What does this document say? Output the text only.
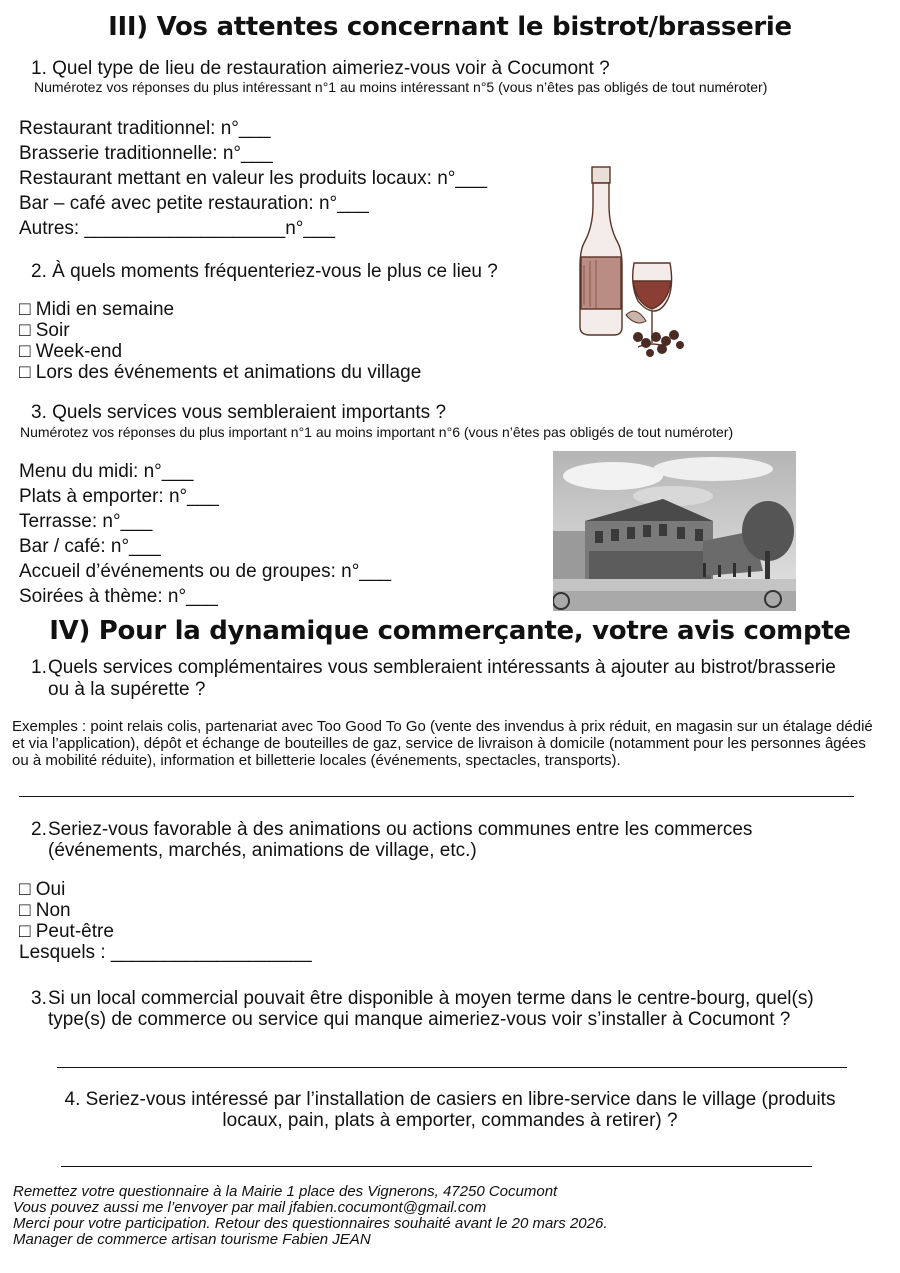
III) Vos attentes concernant le bistrot/brasserie
1. Quel type de lieu de restauration aimeriez-vous voir à Cocumont ?
Numérotez vos réponses du plus intéressant n°1 au moins intéressant n°5 (vous n’êtes pas obligés de tout numéroter)
Restaurant traditionnel: n°___
Brasserie traditionnelle: n°___
Restaurant mettant en valeur les produits locaux: n°___
Bar – café avec petite restauration: n°___
Autres: ___________________n°___
2. À quels moments fréquenteriez-vous le plus ce lieu ?
□ Midi en semaine
□ Soir
□ Week-end
□ Lors des événements et animations du village
3. Quels services vous sembleraient importants ?
Numérotez vos réponses du plus important n°1 au moins important n°6 (vous n’êtes pas obligés de tout numéroter)
Menu du midi: n°___
Plats à emporter: n°___
Terrasse: n°___
Bar / café: n°___
Accueil d’événements ou de groupes: n°___
Soirées à thème: n°___
IV) Pour la dynamique commerçante, votre avis compte
1. Quels services complémentaires vous sembleraient intéressants à ajouter au bistrot/brasserie
ou à la supérette ?
Exemples : point relais colis, partenariat avec Too Good To Go (vente des invendus à prix réduit, en magasin sur un étalage dédié et via l’application), dépôt et échange de bouteilles de gaz, service de livraison à domicile (notamment pour les personnes âgées ou à mobilité réduite), information et billetterie locales (événements, spectacles, transports).
2. Seriez-vous favorable à des animations ou actions communes entre les commerces
(événements, marchés, animations de village, etc.)
□ Oui
□ Non
□ Peut-être
Lesquels : ___________________
3. Si un local commercial pouvait être disponible à moyen terme dans le centre-bourg, quel(s)
type(s) de commerce ou service qui manque aimeriez-vous voir s’installer à Cocumont ?
4. Seriez-vous intéressé par l’installation de casiers en libre-service dans le village (produits
locaux, pain, plats à emporter, commandes à retirer) ?
Remettez votre questionnaire à la Mairie 1 place des Vignerons, 47250 Cocumont
Vous pouvez aussi me l’envoyer par mail jfabien.cocumont@gmail.com
Merci pour votre participation. Retour des questionnaires souhaité avant le 20 mars 2026.
Manager de commerce artisan tourisme Fabien JEAN
